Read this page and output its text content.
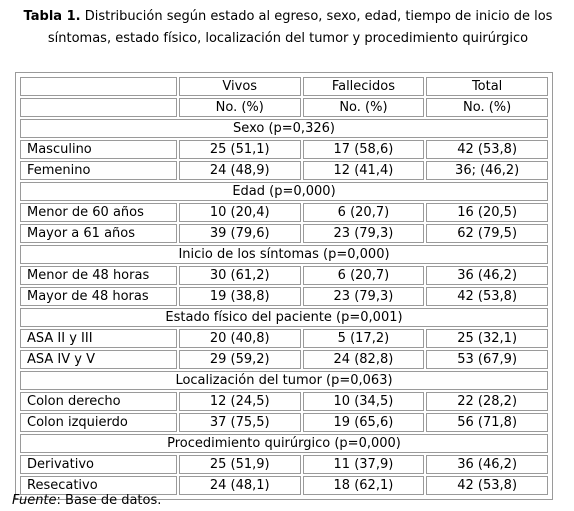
Tabla 1. Distribución según estado al egreso, sexo, edad, tiempo de inicio de los síntomas, estado físico, localización del tumor y procedimiento quirúrgico
	Vivos	Fallecidos	Total
	No. (%)	No. (%)	No. (%)
Sexo (p=0,326)			
Masculino	25 (51,1)	17 (58,6)	42 (53,8)
Femenino	24 (48,9)	12 (41,4)	36; (46,2)
Edad (p=0,000)			
Menor de 60 años	10 (20,4)	6 (20,7)	16 (20,5)
Mayor a 61 años	39 (79,6)	23 (79,3)	62 (79,5)
Inicio de los síntomas (p=0,000)			
Menor de 48 horas	30 (61,2)	6 (20,7)	36 (46,2)
Mayor de 48 horas	19 (38,8)	23 (79,3)	42 (53,8)
Estado físico del paciente (p=0,001)			
ASA II y III	20 (40,8)	5 (17,2)	25 (32,1)
ASA IV y V	29 (59,2)	24 (82,8)	53 (67,9)
Localización del tumor (p=0,063)			
Colon derecho	12 (24,5)	10 (34,5)	22 (28,2)
Colon izquierdo	37 (75,5)	19 (65,6)	56 (71,8)
Procedimiento quirúrgico (p=0,000)			
Derivativo	25 (51,9)	11 (37,9)	36 (46,2)
Resecativo	24 (48,1)	18 (62,1)	42 (53,8)
Fuente: Base de datos.
